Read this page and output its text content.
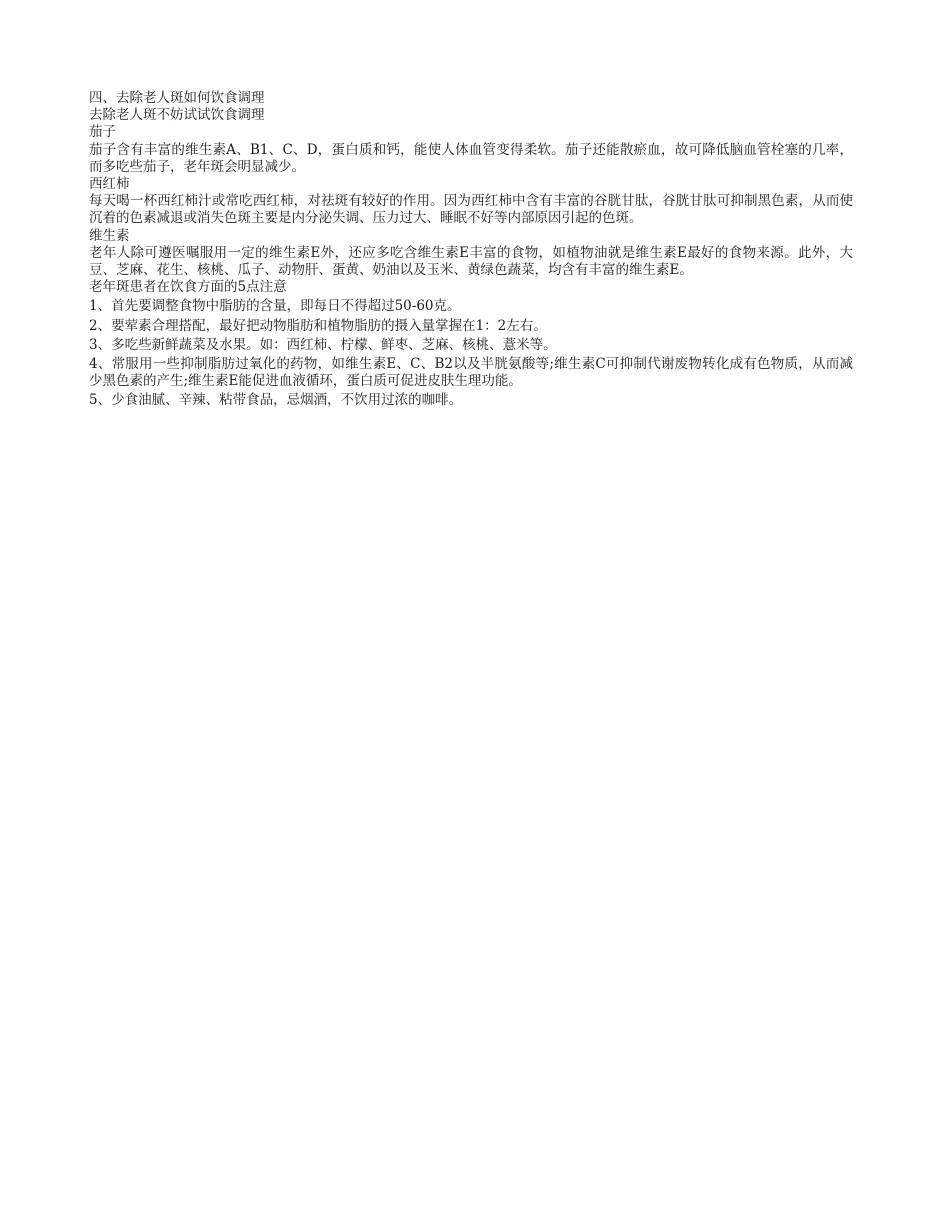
四、去除老人斑如何饮食调理

去除老人斑不妨试试饮食调理

茄子

茄子含有丰富的维生素A、B1、C、D，蛋白质和钙，能使人体血管变得柔软。茄子还能散瘀血，故可降低脑血管栓塞的几率，而多吃些茄子，老年斑会明显减少。

西红柿

每天喝一杯西红柿汁或常吃西红柿，对祛斑有较好的作用。因为西红柿中含有丰富的谷胱甘肽，谷胱甘肽可抑制黑色素，从而使沉着的色素减退或消失色斑主要是内分泌失调、压力过大、睡眠不好等内部原因引起的色斑。

维生素

老年人除可遵医嘱服用一定的维生素E外，还应多吃含维生素E丰富的食物，如植物油就是维生素E最好的食物来源。此外，大豆、芝麻、花生、核桃、瓜子、动物肝、蛋黄、奶油以及玉米、黄绿色蔬菜，均含有丰富的维生素E。

老年斑患者在饮食方面的5点注意

1、首先要调整食物中脂肪的含量，即每日不得超过50-60克。

2、要荤素合理搭配，最好把动物脂肪和植物脂肪的摄入量掌握在1：2左右。

3、多吃些新鲜蔬菜及水果。如：西红柿、柠檬、鲜枣、芝麻、核桃、薏米等。

4、常服用一些抑制脂肪过氧化的药物，如维生素E、C、B2以及半胱氨酸等;维生素C可抑制代谢废物转化成有色物质，从而减少黑色素的产生;维生素E能促进血液循环，蛋白质可促进皮肤生理功能。

5、少食油腻、辛辣、粘带食品，忌烟酒，不饮用过浓的咖啡。
